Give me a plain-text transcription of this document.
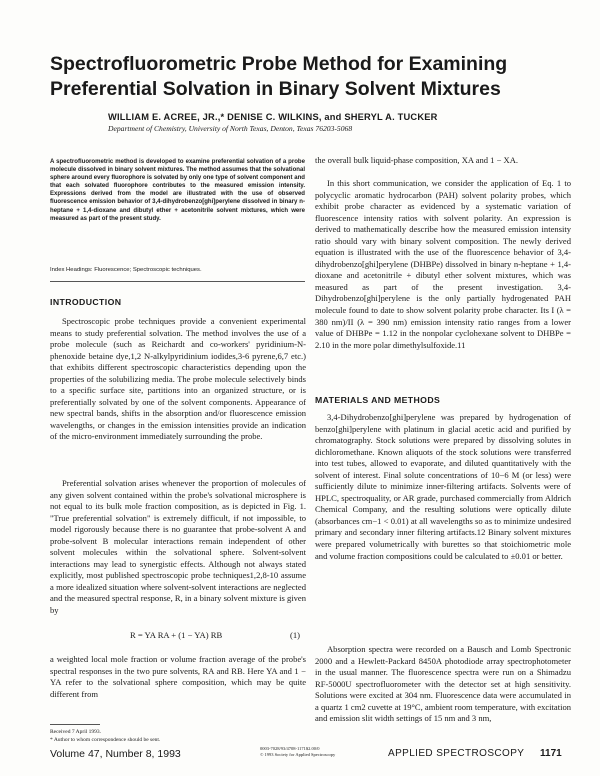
Spectrofluorometric Probe Method for Examining
Preferential Solvation in Binary Solvent Mixtures
WILLIAM E. ACREE, JR.,* DENISE C. WILKINS, and SHERYL A. TUCKER
Department of Chemistry, University of North Texas, Denton, Texas 76203-5068

A spectrofluorometric method is developed to examine preferential solvation of a probe molecule dissolved in binary solvent mixtures. The method assumes that the solvational sphere around every fluorophore is solvated by only one type of solvent component and that each solvated fluorophore contributes to the measured emission intensity. Expressions derived from the model are illustrated with the use of observed fluorescence emission behavior of 3,4-dihydrobenzo[ghi]perylene dissolved in binary n-heptane + 1,4-dioxane and dibutyl ether + acetonitrile solvent mixtures, which were measured as part of the present study.

Index Headings: Fluorescence; Spectroscopic techniques.
INTRODUCTION

Spectroscopic probe techniques provide a convenient experimental means to study preferential solvation. The method involves the use of a probe molecule (such as Reichardt and co-workers' pyridinium-N-phenoxide betaine dye,1,2 N-alkylpyridinium iodides,3-6 pyrene,6,7 etc.) that exhibits different spectroscopic characteristics depending upon the properties of the solubilizing media. The probe molecule selectively binds to a specific surface site, partitions into an organized structure, or is preferentially solvated by one of the solvent components. Appearance of new spectral bands, shifts in the absorption and/or fluorescence emission wavelengths, or changes in the emission intensities provide an indication of the micro-environment immediately surrounding the probe.

Preferential solvation arises whenever the proportion of molecules of any given solvent contained within the probe's solvational microsphere is not equal to its bulk mole fraction composition, as is depicted in Fig. 1. "True preferential solvation" is extremely difficult, if not impossible, to model rigorously because there is no guarantee that probe-solvent A and probe-solvent B molecular interactions remain independent of other solvent molecules within the solvational sphere. Solvent-solvent interactions may lead to synergistic effects. Although not always stated explicitly, most published spectroscopic probe techniques1,2,8-10 assume a more idealized situation where solvent-solvent interactions are neglected and the measured spectral response, R, in a binary solvent mixture is given by

R = YA RA + (1 − YA) RB	(1)

a weighted local mole fraction or volume fraction average of the probe's spectral responses in the two pure solvents, RA and RB. Here YA and 1 − YA refer to the solvational sphere composition, which may be quite different from

Received 7 April 1993.
* Author to whom correspondence should be sent.

the overall bulk liquid-phase composition, XA and 1 − XA.

In this short communication, we consider the application of Eq. 1 to polycyclic aromatic hydrocarbon (PAH) solvent polarity probes, which exhibit probe character as evidenced by a systematic variation of fluorescence intensity ratios with solvent polarity. An expression is derived to mathematically describe how the measured emission intensity ratio should vary with binary solvent composition. The newly derived equation is illustrated with the use of the fluorescence behavior of 3,4-dihydrobenzo[ghi]perylene (DHBPe) dissolved in binary n-heptane + 1,4-dioxane and acetonitrile + dibutyl ether solvent mixtures, which was measured as part of the present investigation. 3,4-Dihydrobenzo[ghi]perylene is the only partially hydrogenated PAH molecule found to date to show solvent polarity probe character. Its I (λ = 380 nm)/II (λ = 390 nm) emission intensity ratio ranges from a lower value of DHBPe = 1.12 in the nonpolar cyclohexane solvent to DHBPe = 2.10 in the more polar dimethylsulfoxide.11

MATERIALS AND METHODS

3,4-Dihydrobenzo[ghi]perylene was prepared by hydrogenation of benzo[ghi]perylene with platinum in glacial acetic acid and purified by chromatography. Stock solutions were prepared by dissolving solutes in dichloromethane. Known aliquots of the stock solutions were transferred into test tubes, allowed to evaporate, and diluted quantitatively with the solvent of interest. Final solute concentrations of 10−6 M (or less) were sufficiently dilute to minimize inner-filtering artifacts. Solvents were of HPLC, spectroquality, or AR grade, purchased commercially from Aldrich Chemical Company, and the resulting solutions were optically dilute (absorbances cm−1 < 0.01) at all wavelengths so as to minimize undesired primary and secondary inner filtering artifacts.12 Binary solvent mixtures were prepared volumetrically with burettes so that stoichiometric mole and volume fraction compositions could be calculated to ±0.01 or better.

Absorption spectra were recorded on a Bausch and Lomb Spectronic 2000 and a Hewlett-Packard 8450A photodiode array spectrophotometer in the usual manner. The fluorescence spectra were run on a Shimadzu RF-5000U spectrofluorometer with the detector set at high sensitivity. Solutions were excited at 304 nm. Fluorescence data were accumulated in a quartz 1 cm2 cuvette at 19°C, ambient room temperature, with excitation and emission slit width settings of 15 nm and 3 nm,

Volume 47, Number 8, 1993	0003-7028/93/4708-1171$2.00/0
© 1993 Society for Applied Spectroscopy	APPLIED SPECTROSCOPY 1171
